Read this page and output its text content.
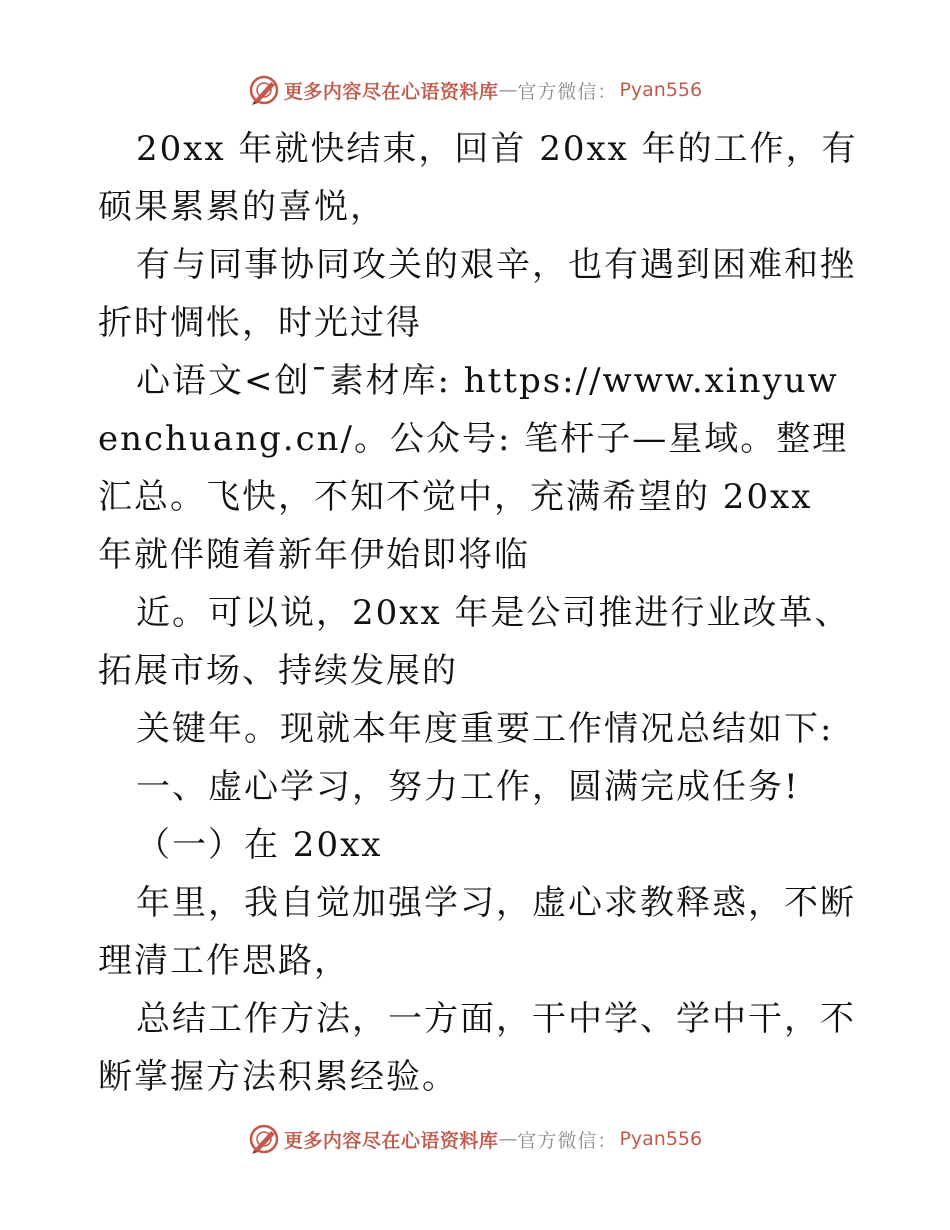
更多内容尽在心语资料库 — 官方微信： Pyan556

20xx 年就快结束，回首 20xx 年的工作，有硕果累累的喜悦，

有与同事协同攻关的艰辛，也有遇到困难和挫折时惆怅，时光过得

心语文<创¯素材库: https://www.xinyuwenchuang.cn/。公众号: 笔杆子—星域。整理汇总。飞快，不知不觉中，充满希望的 20xx 年就伴随着新年伊始即将临

近。可以说，20xx 年是公司推进行业改革、拓展市场、持续发展的

关键年。现就本年度重要工作情况总结如下:

一、虚心学习，努力工作，圆满完成任务!

（一）在 20xx

年里，我自觉加强学习，虚心求教释惑，不断理清工作思路，

总结工作方法，一方面，干中学、学中干，不断掌握方法积累经验。

更多内容尽在心语资料库 — 官方微信： Pyan556
